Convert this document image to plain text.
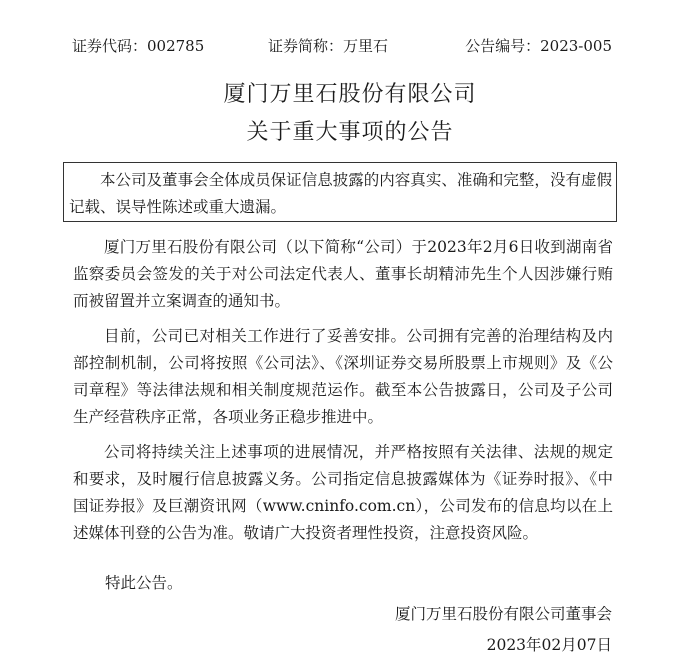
证券代码：002785	证券简称：万里石	公告编号：2023-005
厦门万里石股份有限公司
关于重大事项的公告

本公司及董事会全体成员保证信息披露的内容真实、准确和完整，没有虚假记载、误导性陈述或重大遗漏。

厦门万里石股份有限公司（以下简称“公司）于2023年2月6日收到湖南省监察委员会签发的关于对公司法定代表人、董事长胡精沛先生个人因涉嫌行贿而被留置并立案调查的通知书。

目前，公司已对相关工作进行了妥善安排。公司拥有完善的治理结构及内部控制机制，公司将按照《公司法》、《深圳证券交易所股票上市规则》及《公司章程》等法律法规和相关制度规范运作。截至本公告披露日，公司及子公司生产经营秩序正常，各项业务正稳步推进中。

公司将持续关注上述事项的进展情况，并严格按照有关法律、法规的规定和要求，及时履行信息披露义务。公司指定信息披露媒体为《证券时报》、《中国证券报》及巨潮资讯网（www.cninfo.com.cn），公司发布的信息均以在上述媒体刊登的公告为准。敬请广大投资者理性投资，注意投资风险。

特此公告。
厦门万里石股份有限公司董事会
2023年02月07日
